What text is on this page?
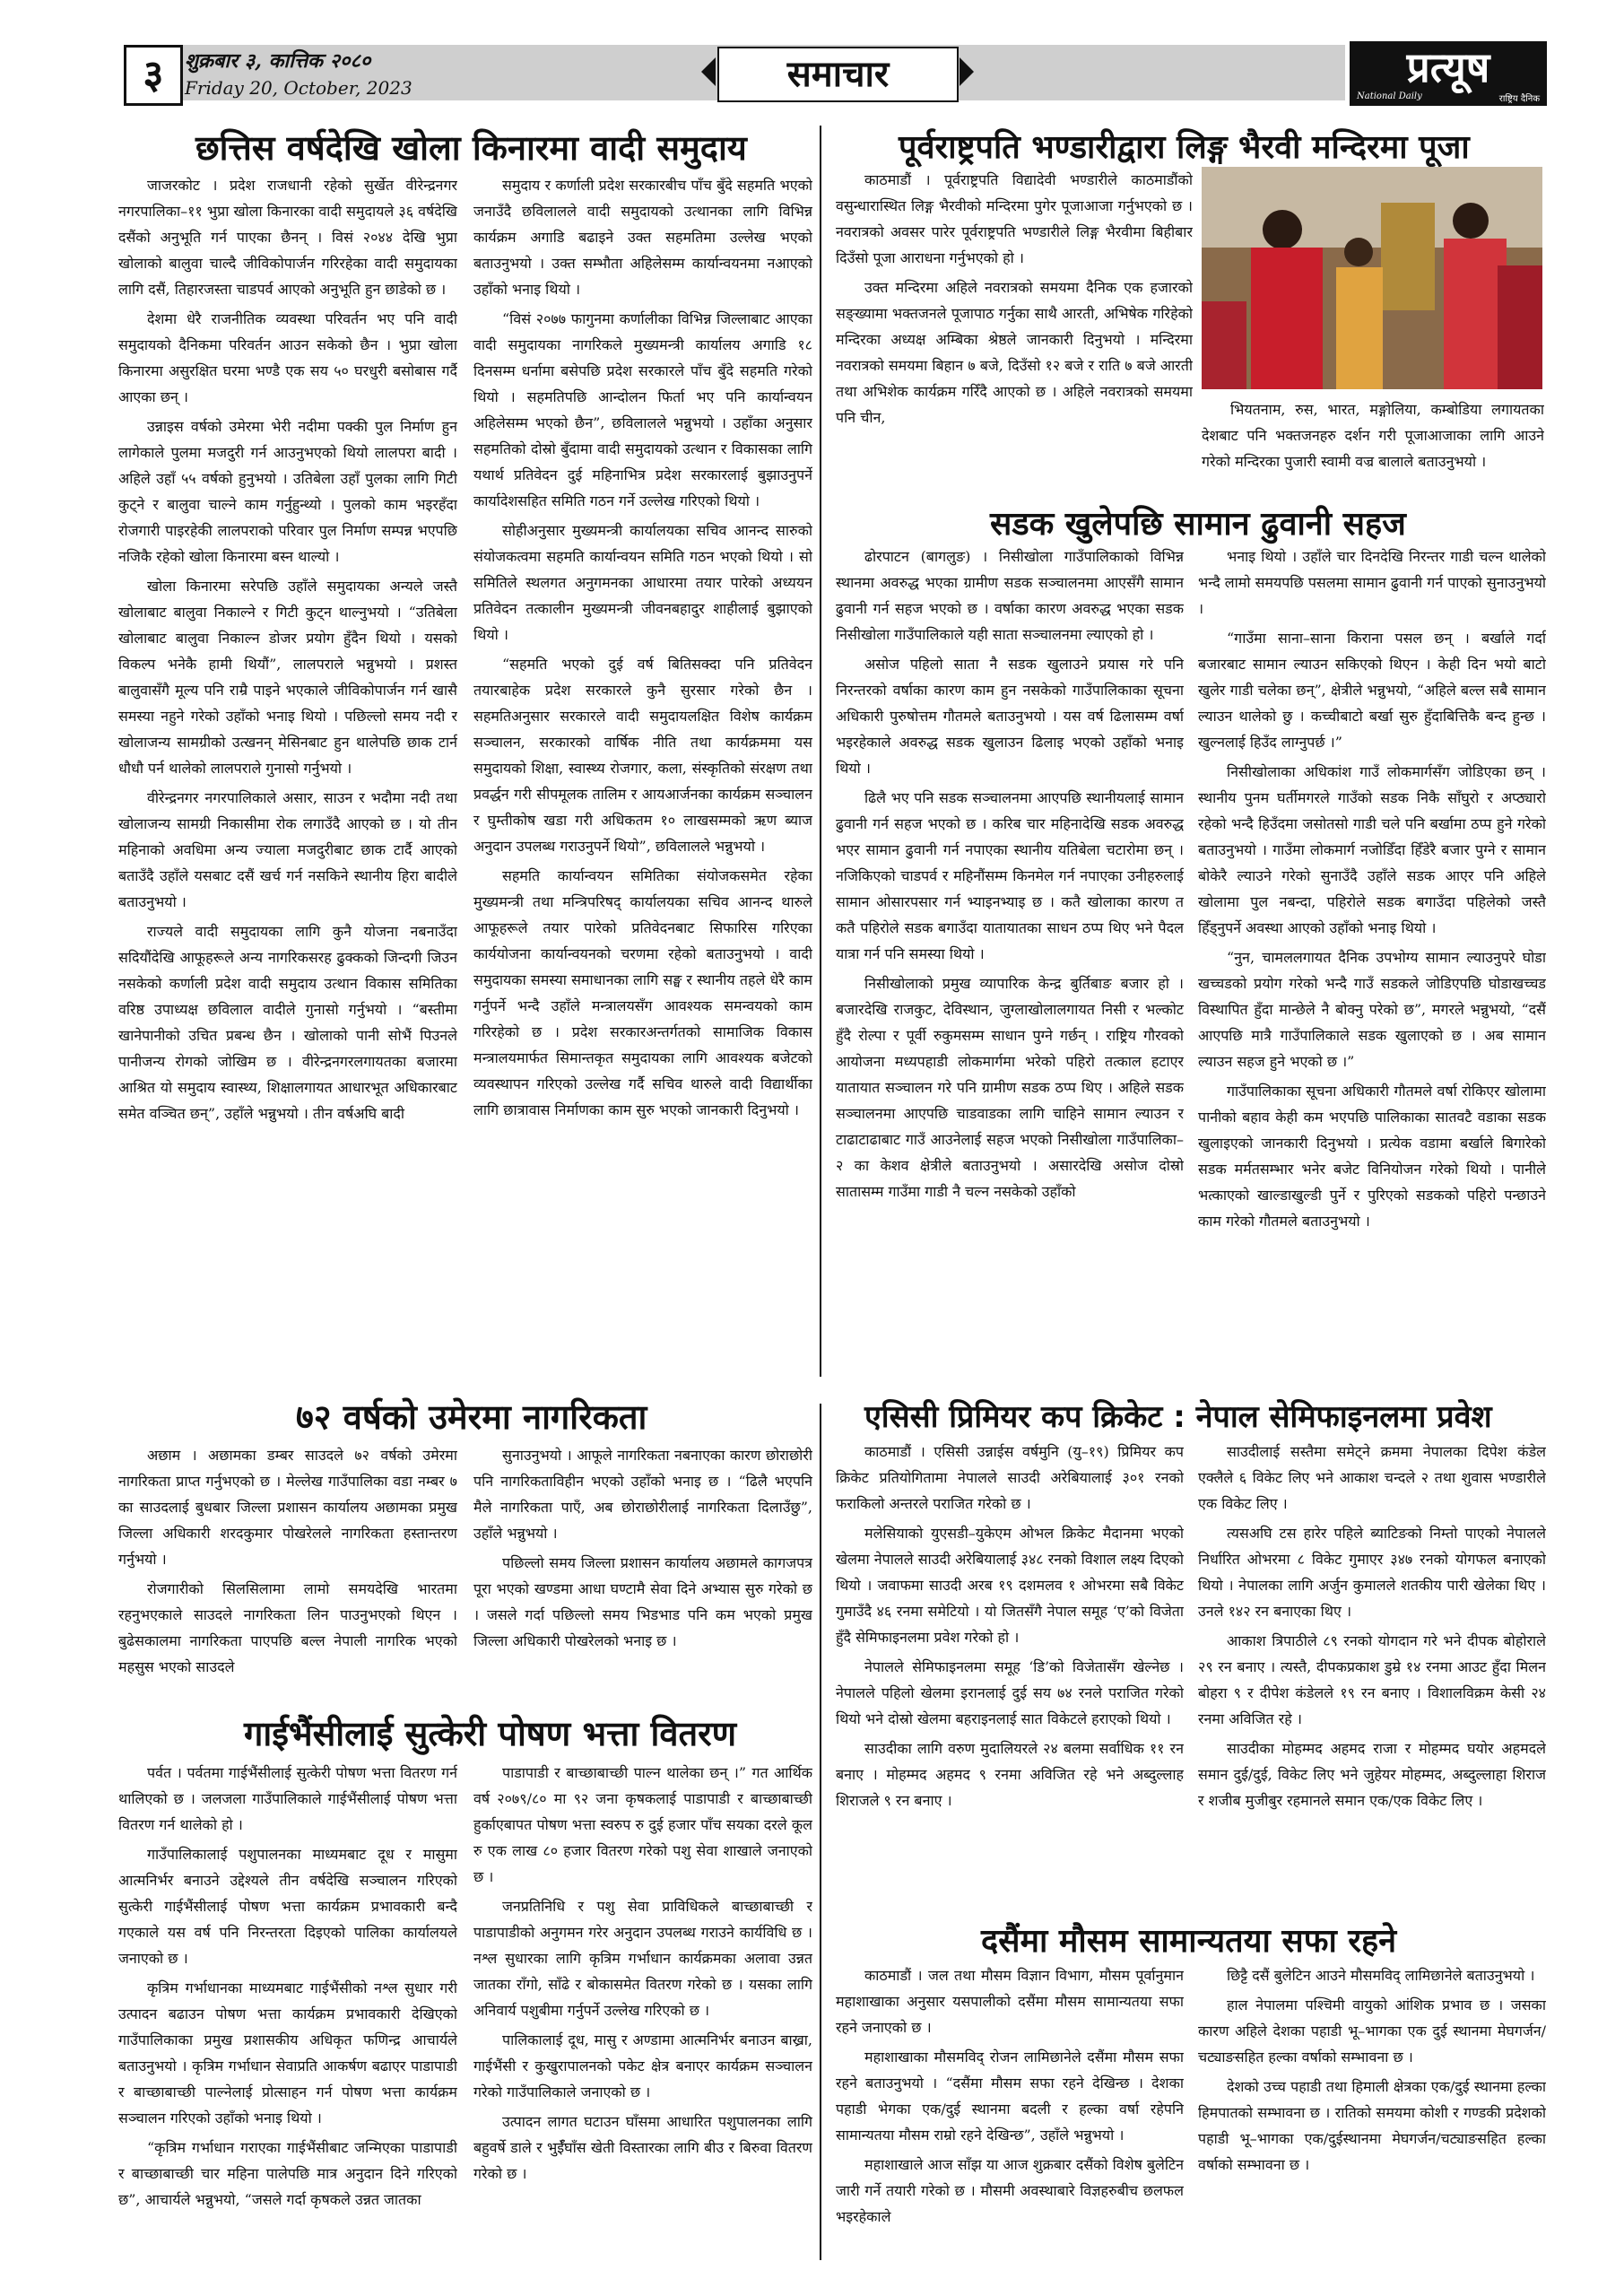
३	शुक्रबार ३, कात्तिक २०८०
Friday 20, October, 2023	समाचार	प्रत्यूष
National Daily	राष्ट्रिय दैनिक
छत्तिस वर्षदेखि खोला किनारमा वादी समुदाय

जाजरकोट । प्रदेश राजधानी रहेको सुर्खेत वीरेन्द्रनगर नगरपालिका–११ भुप्रा खोला किनारका वादी समुदायले ३६ वर्षदेखि दसैंको अनुभूति गर्न पाएका छैनन् । विसं २०४४ देखि भुप्रा खोलाको बालुवा चाल्दै जीविकोपार्जन गरिरहेका वादी समुदायका लागि दसैं, तिहारजस्ता चाडपर्व आएको अनुभूति हुन छाडेको छ ।

देशमा धेरै राजनीतिक व्यवस्था परिवर्तन भए पनि वादी समुदायको दैनिकमा परिवर्तन आउन सकेको छैन । भुप्रा खोला किनारमा असुरक्षित घरमा भण्डै एक सय ५० घरधुरी बसोबास गर्दै आएका छन् ।

उन्नाइस वर्षको उमेरमा भेरी नदीमा पक्की पुल निर्माण हुन लागेकाले पुलमा मजदुरी गर्न आउनुभएको थियो लालपरा बादी । अहिले उहाँ ५५ वर्षको हुनुभयो । उतिबेला उहाँ पुलका लागि गिटी कुट्ने र बालुवा चाल्ने काम गर्नुहुन्थ्यो । पुलको काम भइरहँदा रोजगारी पाइरहेकी लालपराको परिवार पुल निर्माण सम्पन्न भएपछि नजिकै रहेको खोला किनारमा बस्न थाल्यो ।

खोला किनारमा सरेपछि उहाँले समुदायका अन्यले जस्तै खोलाबाट बालुवा निकाल्ने र गिटी कुट्न थाल्नुभयो । “उतिबेला खोलाबाट बालुवा निकाल्न डोजर प्रयोग हुँदैन थियो । यसको विकल्प भनेकै हामी थियौं”, लालपराले भन्नुभयो । प्रशस्त बालुवासँगै मूल्य पनि राम्रै पाइने भएकाले जीविकोपार्जन गर्न खासै समस्या नहुने गरेको उहाँको भनाइ थियो । पछिल्लो समय नदी र खोलाजन्य सामग्रीको उत्खनन् मेसिनबाट हुन थालेपछि छाक टार्न धौधौ पर्न थालेको लालपराले गुनासो गर्नुभयो ।

वीरेन्द्रनगर नगरपालिकाले असार, साउन र भदौमा नदी तथा खोलाजन्य सामग्री निकासीमा रोक लगाउँदै आएको छ । यो तीन महिनाको अवधिमा अन्य ज्याला मजदुरीबाट छाक टार्दै आएको बताउँदै उहाँले यसबाट दसैं खर्च गर्न नसकिने स्थानीय हिरा बादीले बताउनुभयो ।

राज्यले वादी समुदायका लागि कुनै योजना नबनाउँदा सदियौंदेखि आफूहरूले अन्य नागरिकसरह ढुक्कको जिन्दगी जिउन नसकेको कर्णाली प्रदेश वादी समुदाय उत्थान विकास समितिका वरिष्ठ उपाध्यक्ष छविलाल वादीले गुनासो गर्नुभयो । “बस्तीमा खानेपानीको उचित प्रबन्ध छैन । खोलाको पानी सोभैं पिउनले पानीजन्य रोगको जोखिम छ । वीरेन्द्रनगरलगायतका बजारमा आश्रित यो समुदाय स्वास्थ्य, शिक्षालगायत आधारभूत अधिकारबाट समेत वञ्चित छन्”, उहाँले भन्नुभयो । तीन वर्षअघि बादी

समुदाय र कर्णाली प्रदेश सरकारबीच पाँच बुँदे सहमति भएको जनाउँदै छविलालले वादी समुदायको उत्थानका लागि विभिन्न कार्यक्रम अगाडि बढाइने उक्त सहमतिमा उल्लेख भएको बताउनुभयो । उक्त सम्भौता अहिलेसम्म कार्यान्वयनमा नआएको उहाँको भनाइ थियो ।

“विसं २०७७ फागुनमा कर्णालीका विभिन्न जिल्लाबाट आएका वादी समुदायका नागरिकले मुख्यमन्त्री कार्यालय अगाडि १८ दिनसम्म धर्नामा बसेपछि प्रदेश सरकारले पाँच बुँदे सहमति गरेको थियो । सहमतिपछि आन्दोलन फिर्ता भए पनि कार्यान्वयन अहिलेसम्म भएको छैन”, छविलालले भन्नुभयो । उहाँका अनुसार सहमतिको दोस्रो बुँदामा वादी समुदायको उत्थान र विकासका लागि यथार्थ प्रतिवेदन दुई महिनाभित्र प्रदेश सरकारलाई बुझाउनुपर्ने कार्यादेशसहित समिति गठन गर्ने उल्लेख गरिएको थियो ।

सोहीअनुसार मुख्यमन्त्री कार्यालयका सचिव आनन्द सारुको संयोजकत्वमा सहमति कार्यान्वयन समिति गठन भएको थियो । सो समितिले स्थलगत अनुगमनका आधारमा तयार पारेको अध्ययन प्रतिवेदन तत्कालीन मुख्यमन्त्री जीवनबहादुर शाहीलाई बुझाएको थियो ।

“सहमति भएको दुई वर्ष बितिसक्दा पनि प्रतिवेदन तयारबाहेक प्रदेश सरकारले कुनै सुरसार गरेको छैन । सहमतिअनुसार सरकारले वादी समुदायलक्षित विशेष कार्यक्रम सञ्चालन, सरकारको वार्षिक नीति तथा कार्यक्रममा यस समुदायको शिक्षा, स्वास्थ्य रोजगार, कला, संस्कृतिको संरक्षण तथा प्रवर्द्धन गरी सीपमूलक तालिम र आयआर्जनका कार्यक्रम सञ्चालन र घुम्तीकोष खडा गरी अधिकतम १० लाखसम्मको ऋण ब्याज अनुदान उपलब्ध गराउनुपर्ने थियो”, छविलालले भन्नुभयो ।

सहमति कार्यान्वयन समितिका संयोजकसमेत रहेका मुख्यमन्त्री तथा मन्त्रिपरिषद् कार्यालयका सचिव आनन्द थारुले आफूहरूले तयार पारेको प्रतिवेदनबाट सिफारिस गरिएका कार्ययोजना कार्यान्वयनको चरणमा रहेको बताउनुभयो । वादी समुदायका समस्या समाधानका लागि सङ्घ र स्थानीय तहले धेरै काम गर्नुपर्ने भन्दै उहाँले मन्त्रालयसँग आवश्यक समन्वयको काम गरिरहेको छ । प्रदेश सरकारअन्तर्गतको सामाजिक विकास मन्त्रालयमार्फत सिमान्तकृत समुदायका लागि आवश्यक बजेटको व्यवस्थापन गरिएको उल्लेख गर्दै सचिव थारुले वादी विद्यार्थीका लागि छात्रावास निर्माणका काम सुरु भएको जानकारी दिनुभयो ।

७२ वर्षको उमेरमा नागरिकता

अछाम । अछामका डम्बर साउदले ७२ वर्षको उमेरमा नागरिकता प्राप्त गर्नुभएको छ । मेल्लेख गाउँपालिका वडा नम्बर ७ का साउदलाई बुधबार जिल्ला प्रशासन कार्यालय अछामका प्रमुख जिल्ला अधिकारी शरदकुमार पोखरेलले नागरिकता हस्तान्तरण गर्नुभयो ।

रोजगारीको सिलसिलामा लामो समयदेखि भारतमा रहनुभएकाले साउदले नागरिकता लिन पाउनुभएको थिएन । बुढेसकालमा नागरिकता पाएपछि बल्ल नेपाली नागरिक भएको महसुस भएको साउदले

सुनाउनुभयो । आफूले नागरिकता नबनाएका कारण छोराछोरी पनि नागरिकताविहीन भएको उहाँको भनाइ छ । “ढिलै भएपनि मैले नागरिकता पाएँ, अब छोराछोरीलाई नागरिकता दिलाउँछु”, उहाँले भन्नुभयो ।

पछिल्लो समय जिल्ला प्रशासन कार्यालय अछामले कागजपत्र पूरा भएको खण्डमा आधा घण्टामै सेवा दिने अभ्यास सुरु गरेको छ । जसले गर्दा पछिल्लो समय भिडभाड पनि कम भएको प्रमुख जिल्ला अधिकारी पोखरेलको भनाइ छ ।

गाईभैंसीलाई सुत्केरी पोषण भत्ता वितरण

पर्वत । पर्वतमा गाईभैंसीलाई सुत्केरी पोषण भत्ता वितरण गर्न थालिएको छ । जलजला गाउँपालिकाले गाईभैंसीलाई पोषण भत्ता वितरण गर्न थालेको हो ।

गाउँपालिकालाई पशुपालनका माध्यमबाट दूध र मासुमा आत्मनिर्भर बनाउने उद्देश्यले तीन वर्षदेखि सञ्चालन गरिएको सुत्केरी गाईभैंसीलाई पोषण भत्ता कार्यक्रम प्रभावकारी बन्दै गएकाले यस वर्ष पनि निरन्तरता दिइएको पालिका कार्यालयले जनाएको छ ।

कृत्रिम गर्भाधानका माध्यमबाट गाईभैंसीको नश्ल सुधार गरी उत्पादन बढाउन पोषण भत्ता कार्यक्रम प्रभावकारी देखिएको गाउँपालिकाका प्रमुख प्रशासकीय अधिकृत फणिन्द्र आचार्यले बताउनुभयो । कृत्रिम गर्भाधान सेवाप्रति आकर्षण बढाएर पाडापाडी र बाच्छाबाच्छी पाल्नेलाई प्रोत्साहन गर्न पोषण भत्ता कार्यक्रम सञ्चालन गरिएको उहाँको भनाइ थियो ।

“कृत्रिम गर्भाधान गराएका गाईभैंसीबाट जन्मिएका पाडापाडी र बाच्छाबाच्छी चार महिना पालेपछि मात्र अनुदान दिने गरिएको छ”, आचार्यले भन्नुभयो, “जसले गर्दा कृषकले उन्नत जातका

पाडापाडी र बाच्छाबाच्छी पाल्न थालेका छन् ।” गत आर्थिक वर्ष २०७९/८० मा ९२ जना कृषकलाई पाडापाडी र बाच्छाबाच्छी हुर्काएबापत पोषण भत्ता स्वरुप रु दुई हजार पाँच सयका दरले कूल रु एक लाख ८० हजार वितरण गरेको पशु सेवा शाखाले जनाएको छ ।

जनप्रतिनिधि र पशु सेवा प्राविधिकले बाच्छाबाच्छी र पाडापाडीको अनुगमन गरेर अनुदान उपलब्ध गराउने कार्यविधि छ । नश्ल सुधारका लागि कृत्रिम गर्भाधान कार्यक्रमका अलावा उन्नत जातका राँगो, साँढे र बोकासमेत वितरण गरेको छ । यसका लागि अनिवार्य पशुबीमा गर्नुपर्ने उल्लेख गरिएको छ ।

पालिकालाई दूध, मासु र अण्डामा आत्मनिर्भर बनाउन बाख्रा, गाईभैंसी र कुखुरापालनको पकेट क्षेत्र बनाएर कार्यक्रम सञ्चालन गरेको गाउँपालिकाले जनाएको छ ।

उत्पादन लागत घटाउन घाँसमा आधारित पशुपालनका लागि बहुवर्षे डाले र भुईँघाँस खेती विस्तारका लागि बीउ र बिरुवा वितरण गरेको छ ।

पूर्वराष्ट्रपति भण्डारीद्वारा लिङ्ग भैरवी मन्दिरमा पूजा

काठमाडौं । पूर्वराष्ट्रपति विद्यादेवी भण्डारीले काठमाडौंको वसुन्धारास्थित लिङ्ग भैरवीको मन्दिरमा पुगेर पूजाआजा गर्नुभएको छ । नवरात्रको अवसर पारेर पूर्वराष्ट्रपति भण्डारीले लिङ्ग भैरवीमा बिहीबार दिउँसो पूजा आराधना गर्नुभएको हो ।

उक्त मन्दिरमा अहिले नवरात्रको समयमा दैनिक एक हजारको सङ्ख्यामा भक्तजनले पूजापाठ गर्नुका साथै आरती, अभिषेक गरिहेको मन्दिरका अध्यक्ष अम्बिका श्रेष्ठले जानकारी दिनुभयो । मन्दिरमा नवरात्रको समयमा बिहान ७ बजे, दिउँसो १२ बजे र राति ७ बजे आरती तथा अभिशेक कार्यक्रम गरिँदै आएको छ । अहिले नवरात्रको समयमा पनि चीन,	भियतनाम, रुस, भारत, मङ्गोलिया, कम्बोडिया लगायतका देशबाट पनि भक्तजनहरु दर्शन गरी पूजाआजाका लागि आउने गरेको मन्दिरका पुजारी स्वामी वज्र बालाले बताउनुभयो ।

सडक खुलेपछि सामान ढुवानी सहज

ढोरपाटन (बागलुङ) । निसीखोला गाउँपालिकाको विभिन्न स्थानमा अवरुद्ध भएका ग्रामीण सडक सञ्चालनमा आएसँगै सामान ढुवानी गर्न सहज भएको छ । वर्षाका कारण अवरुद्ध भएका सडक निसीखोला गाउँपालिकाले यही साता सञ्चालनमा ल्याएको हो ।

असोज पहिलो साता नै सडक खुलाउने प्रयास गरे पनि निरन्तरको वर्षाका कारण काम हुन नसकेको गाउँपालिकाका सूचना अधिकारी पुरुषोत्तम गौतमले बताउनुभयो । यस वर्ष ढिलासम्म वर्षा भइरहेकाले अवरुद्ध सडक खुलाउन ढिलाइ भएको उहाँको भनाइ थियो ।

ढिलै भए पनि सडक सञ्चालनमा आएपछि स्थानीयलाई सामान ढुवानी गर्न सहज भएको छ । करिब चार महिनादेखि सडक अवरुद्ध भएर सामान ढुवानी गर्न नपाएका स्थानीय यतिबेला चटारोमा छन् । नजिकिएको चाडपर्व र महिनौंसम्म किनमेल गर्न नपाएका उनीहरुलाई सामान ओसारपसार गर्न भ्याइनभ्याइ छ । कतै खोलाका कारण त कतै पहिरोले सडक बगाउँदा यातायातका साधन ठप्प थिए भने पैदल यात्रा गर्न पनि समस्या थियो ।

निसीखोलाको प्रमुख व्यापारिक केन्द्र बुर्तिबाङ बजार हो । बजारदेखि राजकुट, देविस्थान, जुग्लाखोलालगायत निसी र भल्कोट हुँदै रोल्पा र पूर्वी रुकुमसम्म साधान पुग्ने गर्छन् । राष्ट्रिय गौरवको आयोजना मध्यपहाडी लोकमार्गमा भरेको पहिरो तत्काल हटाएर यातायात सञ्चालन गरे पनि ग्रामीण सडक ठप्प थिए । अहिले सडक सञ्चालनमा आएपछि चाडवाडका लागि चाहिने सामान ल्याउन र टाढाटाढाबाट गाउँ आउनेलाई सहज भएको निसीखोला गाउँपालिका–२ का केशव क्षेत्रीले बताउनुभयो । असारदेखि असोज दोस्रो सातासम्म गाउँमा गाडी नै चल्न नसकेको उहाँको

भनाइ थियो । उहाँले चार दिनदेखि निरन्तर गाडी चल्न थालेको भन्दै लामो समयपछि पसलमा सामान ढुवानी गर्न पाएको सुनाउनुभयो ।

“गाउँमा साना–साना किराना पसल छन् । बर्खाले गर्दा बजारबाट सामान ल्याउन सकिएको थिएन । केही दिन भयो बाटो खुलेर गाडी चलेका छन्”, क्षेत्रीले भन्नुभयो, “अहिले बल्ल सबै सामान ल्याउन थालेको छु । कच्चीबाटो बर्खा सुरु हुँदाबित्तिकै बन्द हुन्छ । खुल्नलाई हिउँद लाग्नुपर्छ ।”

निसीखोलाका अधिकांश गाउँ लोकमार्गसँग जोडिएका छन् । स्थानीय पुनम घर्तीमगरले गाउँको सडक निकै साँघुरो र अप्ठ्यारो रहेको भन्दै हिउँदमा जसोतसो गाडी चले पनि बर्खामा ठप्प हुने गरेको बताउनुभयो । गाउँमा लोकमार्ग नजोडिँदा हिँडेरै बजार पुग्ने र सामान बोकेरै ल्याउने गरेको सुनाउँदै उहाँले सडक आएर पनि अहिले खोलामा पुल नबन्दा, पहिरोले सडक बगाउँदा पहिलेको जस्तै हिँड्नुपर्ने अवस्था आएको उहाँको भनाइ थियो ।

“नुन, चामललगायत दैनिक उपभोग्य सामान ल्याउनुपरे घोडा खच्चडको प्रयोग गरेको भन्दै गाउँ सडकले जोडिएपछि घोडाखच्चड विस्थापित हुँदा मान्छेले नै बोक्नु परेको छ”, मगरले भन्नुभयो, “दसैं आएपछि मात्रै गाउँपालिकाले सडक खुलाएको छ । अब सामान ल्याउन सहज हुने भएको छ ।”

गाउँपालिकाका सूचना अधिकारी गौतमले वर्षा रोकिएर खोलामा पानीको बहाव केही कम भएपछि पालिकाका सातवटै वडाका सडक खुलाइएको जानकारी दिनुभयो । प्रत्येक वडामा बर्खाले बिगारेको सडक मर्मतसम्भार भनेर बजेट विनियोजन गरेको थियो । पानीले भत्काएको खाल्डाखुल्डी पुर्ने र पुरिएको सडकको पहिरो पन्छाउने काम गरेको गौतमले बताउनुभयो ।

एसिसी प्रिमियर कप क्रिकेट : नेपाल सेमिफाइनलमा प्रवेश

काठमाडौं । एसिसी उन्नाईस वर्षमुनि (यु–१९) प्रिमियर कप क्रिकेट प्रतियोगितामा नेपालले साउदी अरेबियालाई ३०१ रनको फराकिलो अन्तरले पराजित गरेको छ ।

मलेसियाको युएसडी–युकेएम ओभल क्रिकेट मैदानमा भएको खेलमा नेपालले साउदी अरेबियालाई ३४८ रनको विशाल लक्ष्य दिएको थियो । जवाफमा साउदी अरब १९ दशमलव १ ओभरमा सबै विकेट गुमाउँदै ४६ रनमा समेटियो । यो जितसँगै नेपाल समूह ‘ए’को विजेता हुँदै सेमिफाइनलमा प्रवेश गरेको हो ।

नेपालले सेमिफाइनलमा समूह ‘डि’को विजेतासँग खेल्नेछ । नेपालले पहिलो खेलमा इरानलाई दुई सय ७४ रनले पराजित गरेको थियो भने दोस्रो खेलमा बहराइनलाई सात विकेटले हराएको थियो ।

साउदीका लागि वरुण मुदालियरले २४ बलमा सर्वाधिक ११ रन बनाए । मोहम्मद अहमद ९ रनमा अविजित रहे भने अब्दुल्लाह शिराजले ९ रन बनाए ।

साउदीलाई सस्तैमा समेट्ने क्रममा नेपालका दिपेश कंडेल एक्लैले ६ विकेट लिए भने आकाश चन्दले २ तथा शुवास भण्डारीले एक विकेट लिए ।

त्यसअघि टस हारेर पहिले ब्याटिङको निम्तो पाएको नेपालले निर्धारित ओभरमा ८ विकेट गुमाएर ३४७ रनको योगफल बनाएको थियो । नेपालका लागि अर्जुन कुमालले शतकीय पारी खेलेका थिए । उनले १४२ रन बनाएका थिए ।

आकाश त्रिपाठीले ८९ रनको योगदान गरे भने दीपक बोहोराले २९ रन बनाए । त्यस्तै, दीपकप्रकाश डुम्रे १४ रनमा आउट हुँदा मिलन बोहरा ९ र दीपेश कंडेलले १९ रन बनाए । विशालविक्रम केसी २४ रनमा अविजित रहे ।

साउदीका मोहम्मद अहमद राजा र मोहम्मद घयोर अहमदले समान दुई/दुई, विकेट लिए भने जुहेयर मोहम्मद, अब्दुल्लाहा शिराज र शजीब मुजीबुर रहमानले समान एक/एक विकेट लिए ।

दसैंमा मौसम सामान्यतया सफा रहने

काठमाडौं । जल तथा मौसम विज्ञान विभाग, मौसम पूर्वानुमान महाशाखाका अनुसार यसपालीको दसैंमा मौसम सामान्यतया सफा रहने जनाएको छ ।

महाशाखाका मौसमविद् रोजन लामिछानेले दसैंमा मौसम सफा रहने बताउनुभयो । “दसैंमा मौसम सफा रहने देखिन्छ । देशका पहाडी भेगका एक/दुई स्थानमा बदली र हल्का वर्षा रहेपनि सामान्यतया मौसम राम्रो रहने देखिन्छ”, उहाँले भन्नुभयो ।

महाशाखाले आज साँझ या आज शुक्रबार दसैंको विशेष बुलेटिन जारी गर्ने तयारी गरेको छ । मौसमी अवस्थाबारे विज्ञहरुबीच छलफल भइरहेकाले

छिट्टै दसैं बुलेटिन आउने मौसमविद् लामिछानेले बताउनुभयो ।

हाल नेपालमा पश्चिमी वायुको आंशिक प्रभाव छ । जसका कारण अहिले देशका पहाडी भू–भागका एक दुई स्थानमा मेघगर्जन/चट्याङसहित हल्का वर्षाको सम्भावना छ ।

देशको उच्च पहाडी तथा हिमाली क्षेत्रका एक/दुई स्थानमा हल्का हिमपातको सम्भावना छ । रातिको समयमा कोशी र गण्डकी प्रदेशको पहाडी भू–भागका एक/दुईस्थानमा मेघगर्जन/चट्याङसहित हल्का वर्षाको सम्भावना छ ।
